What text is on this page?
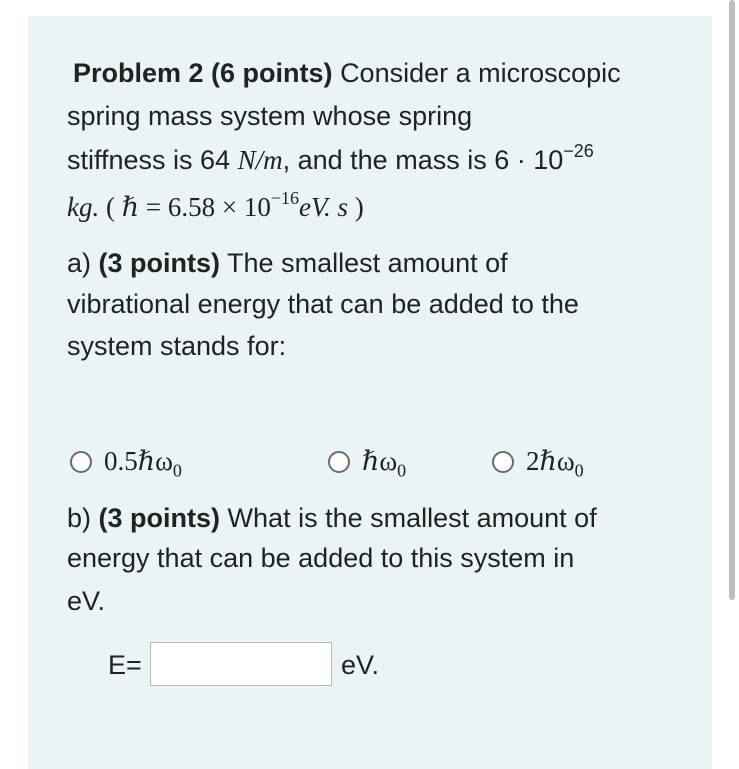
Problem 2 (6 points) Consider a microscopic
spring mass system whose spring
stiffness is 64 N/m, and the mass is $6 \cdot 10^{-26}$
kg. ( ℏ = $6.58 \times 10^{-16}eV$. s )
a) (3 points) The smallest amount of
vibrational energy that can be added to the
system stands for:
0.5ℏω$_0$	ℏω$_0$	2ℏω$_0$
b) (3 points) What is the smallest amount of
energy that can be added to this system in
eV.
E=	eV.
